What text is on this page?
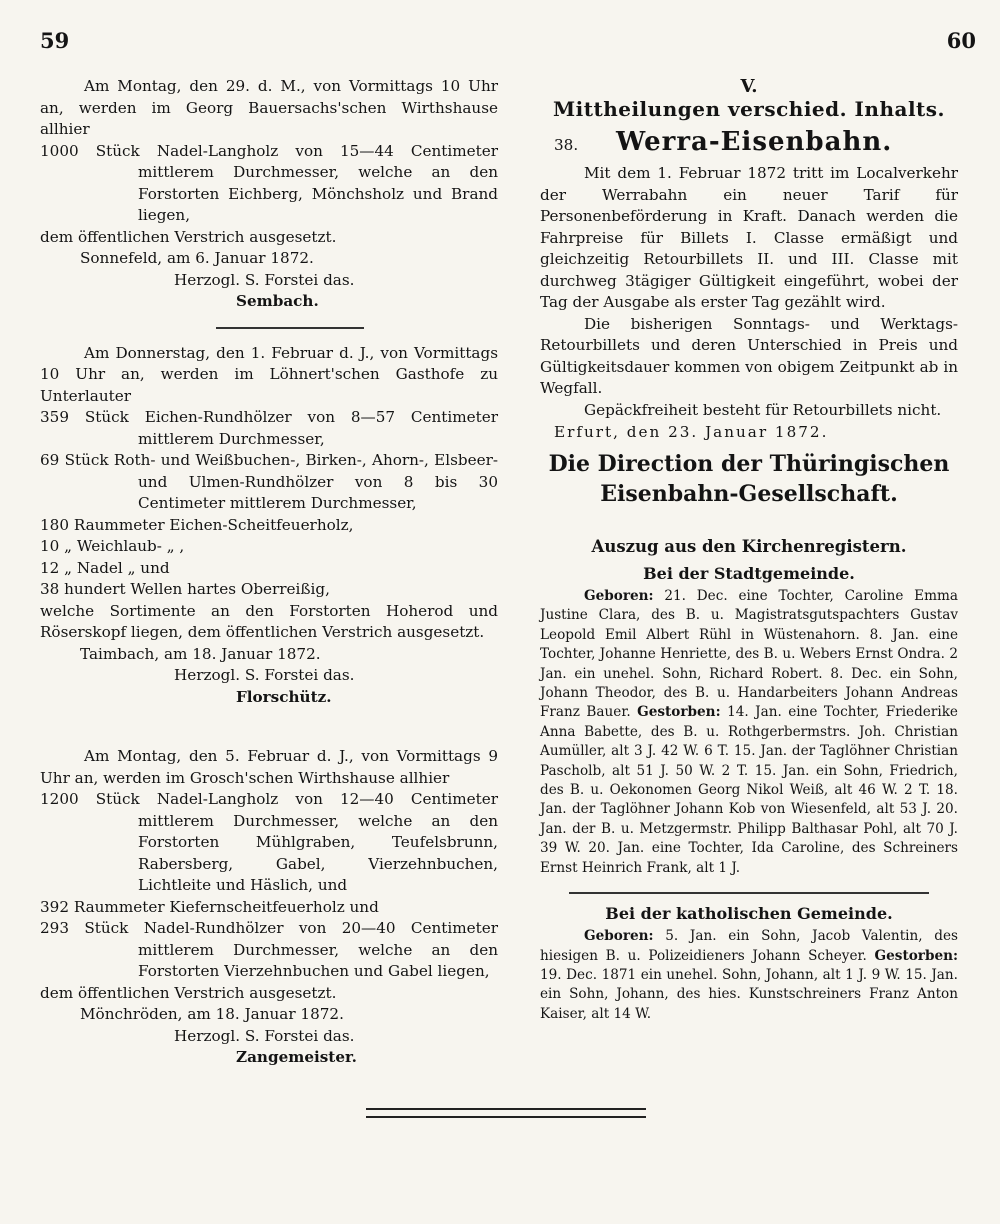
59	60

Am Montag, den 29. d. M., von Vormittags 10 Uhr an, werden im Georg Bauersachs'schen Wirthshause allhier

1000 Stück Nadel-Langholz von 15—44 Centimeter mittlerem Durchmesser, welche an den Forstorten Eichberg, Mönchsholz und Brand liegen,

dem öffentlichen Verstrich ausgesetzt.

Sonnefeld, am 6. Januar 1872.

Herzogl. S. Forstei das.

Sembach.

Am Donnerstag, den 1. Februar d. J., von Vormittags 10 Uhr an, werden im Löhnert'schen Gasthofe zu Unterlauter

359 Stück Eichen-Rundhölzer von 8—57 Centimeter mittlerem Durchmesser,

69 Stück Roth- und Weißbuchen-, Birken-, Ahorn-, Elsbeer- und Ulmen-Rundhölzer von 8 bis 30 Centimeter mittlerem Durchmesser,

180 Raummeter Eichen-Scheitfeuerholz,

10 „ Weichlaub- „ ,

12 „ Nadel „ und

38 hundert Wellen hartes Oberreißig,

welche Sortimente an den Forstorten Hoherod und Röserskopf liegen, dem öffentlichen Verstrich ausgesetzt.

Taimbach, am 18. Januar 1872.

Herzogl. S. Forstei das.

Florschütz.

Am Montag, den 5. Februar d. J., von Vormittags 9 Uhr an, werden im Grosch'schen Wirthshause allhier

1200 Stück Nadel-Langholz von 12—40 Centimeter mittlerem Durchmesser, welche an den Forstorten Mühlgraben, Teufelsbrunn, Rabersberg, Gabel, Vierzehnbuchen, Lichtleite und Häslich, und

392 Raummeter Kiefernscheitfeuerholz und

293 Stück Nadel-Rundhölzer von 20—40 Centimeter mittlerem Durchmesser, welche an den Forstorten Vierzehnbuchen und Gabel liegen,

dem öffentlichen Verstrich ausgesetzt.

Mönchröden, am 18. Januar 1872.

Herzogl. S. Forstei das.

Zangemeister.

V.

Mittheilungen verschied. Inhalts.

38.	Werra-Eisenbahn.

Mit dem 1. Februar 1872 tritt im Localverkehr der Werrabahn ein neuer Tarif für Personenbeförderung in Kraft. Danach werden die Fahrpreise für Billets I. Classe ermäßigt und gleichzeitig Retourbillets II. und III. Classe mit durchweg 3tägiger Gültigkeit eingeführt, wobei der Tag der Ausgabe als erster Tag gezählt wird.

Die bisherigen Sonntags- und Werktags-Retourbillets und deren Unterschied in Preis und Gültigkeitsdauer kommen von obigem Zeitpunkt ab in Wegfall.

Gepäckfreiheit besteht für Retourbillets nicht.

Erfurt, den 23. Januar 1872.

Die Direction der Thüringischen

Eisenbahn-Gesellschaft.

Auszug aus den Kirchenregistern.

Bei der Stadtgemeinde.

Geboren: 21. Dec. eine Tochter, Caroline Emma Justine Clara, des B. u. Magistratsgutspachters Gustav Leopold Emil Albert Rühl in Wüstenahorn. 8. Jan. eine Tochter, Johanne Henriette, des B. u. Webers Ernst Ondra. 2 Jan. ein unehel. Sohn, Richard Robert. 8. Dec. ein Sohn, Johann Theodor, des B. u. Handarbeiters Johann Andreas Franz Bauer. Gestorben: 14. Jan. eine Tochter, Friederike Anna Babette, des B. u. Rothgerbermstrs. Joh. Christian Aumüller, alt 3 J. 42 W. 6 T. 15. Jan. der Taglöhner Christian Pascholb, alt 51 J. 50 W. 2 T. 15. Jan. ein Sohn, Friedrich, des B. u. Oekonomen Georg Nikol Weiß, alt 46 W. 2 T. 18. Jan. der Taglöhner Johann Kob von Wiesenfeld, alt 53 J. 20. Jan. der B. u. Metzgermstr. Philipp Balthasar Pohl, alt 70 J. 39 W. 20. Jan. eine Tochter, Ida Caroline, des Schreiners Ernst Heinrich Frank, alt 1 J.

Bei der katholischen Gemeinde.

Geboren: 5. Jan. ein Sohn, Jacob Valentin, des hiesigen B. u. Polizeidieners Johann Scheyer. Gestorben: 19. Dec. 1871 ein unehel. Sohn, Johann, alt 1 J. 9 W. 15. Jan. ein Sohn, Johann, des hies. Kunstschreiners Franz Anton Kaiser, alt 14 W.
